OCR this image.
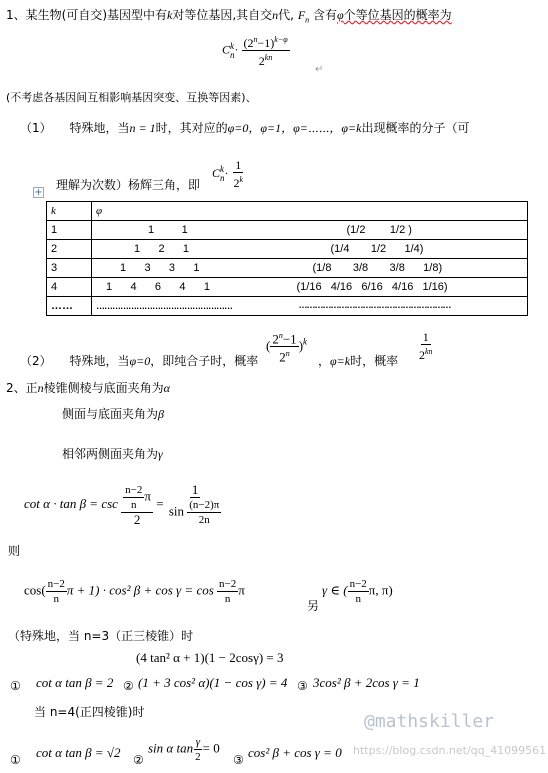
1、某生物(可自交)基因型中有k对等位基因,其自交n代, $F_n$ 含有φ个等位基因的概率为
C k
$n \cdot \frac{(2^n-1)^{k-\varphi}}{2^{kn}}$
↵
(不考虑各基因间互相影响基因突变、互换等因素)、
（1） 特殊地，当n = 1时，其对应的φ=0，φ=1，φ=⋯⋯，φ=k出现概率的分子（可
理解为次数）杨辉三角，即
C k
$n \cdot \frac{1}{2^k}$
+
k	φ
1	1         1 (1/2        1/2 )

2	1      2      1 (1/4       1/2      1/4)

3	1      3      3      1 (1/8       3/8       3/8      1/8)

4	1      4      6      4      1 (1/16   4/16   6/16   4/16   1/16)

……	…………………………………………… …………………………………………………
（2） 特殊地，当φ=0，即纯合子时，概率
( $\frac{2^n-1}{2^n} )^k$
，φ=k时，概率 $\frac{1}{2^{kn}}$
2、正n棱锥侧棱与底面夹角为α
侧面与底面夹角为β
相邻两侧面夹角为γ
$\cot \alpha \cdot \tan \beta = \csc \frac{\frac{n-2}{n} \pi}{2} = \frac{1}{\sin \frac{(n-2)\pi}{2n}}$
则
$\cos( \frac{n-2}{n}$ π + 1) · cos² $\beta + \cos \gamma = \cos \frac{n-2}{n}$ π
另
γ ∈ ( $\frac{n-2}{n} \pi$, π)
（特殊地，当 n=3（正三棱锥）时
(4 tan² α + 1)(1 − 2cosγ) = 3
① cot α tan β = 2 ② (1 + 3 cos² α)(1 − cos γ) = 4 ③ 3cos² β + 2cos γ = 1
当 n=4(正四棱锥)时	@mathskiller
① cot α tan β = √2 ②
sin α $\tan \frac{\gamma}{2} = 0$
③ cos² β + cos γ = 0 https://blog.csdn.net/qq_41099561
